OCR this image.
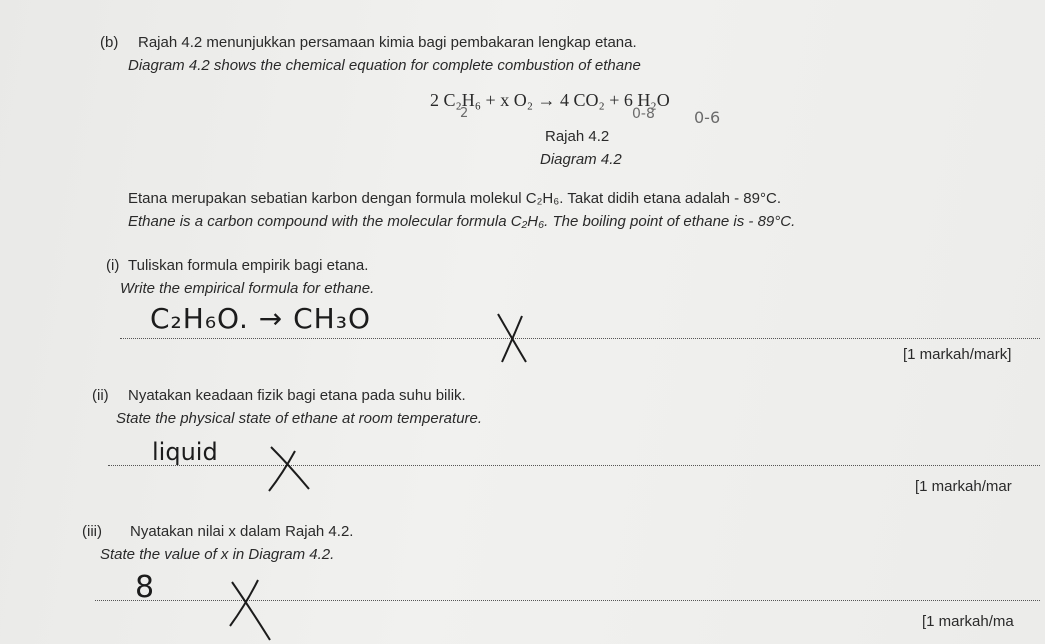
(b) Rajah 4.2 menunjukkan persamaan kimia bagi pembakaran lengkap etana.
Diagram 4.2 shows the chemical equation for complete combustion of ethane
2 C₂H₆ + x O₂ → 4 CO₂ + 6 H₂O
2	0-8 0-6
Rajah 4.2
Diagram 4.2
Etana merupakan sebatian karbon dengan formula molekul C₂H₆. Takat didih etana adalah - 89°C.
Ethane is a carbon compound with the molecular formula C₂H₆. The boiling point of ethane is - 89°C.
(i) Tuliskan formula empirik bagi etana.
Write the empirical formula for ethane.
C₂H₆O. → CH₃O
[1 markah/mark]
(ii) Nyatakan keadaan fizik bagi etana pada suhu bilik.
State the physical state of ethane at room temperature.
liquid
[1 markah/mar
(iii) Nyatakan nilai x dalam Rajah 4.2.
State the value of x in Diagram 4.2.
8
[1 markah/ma
